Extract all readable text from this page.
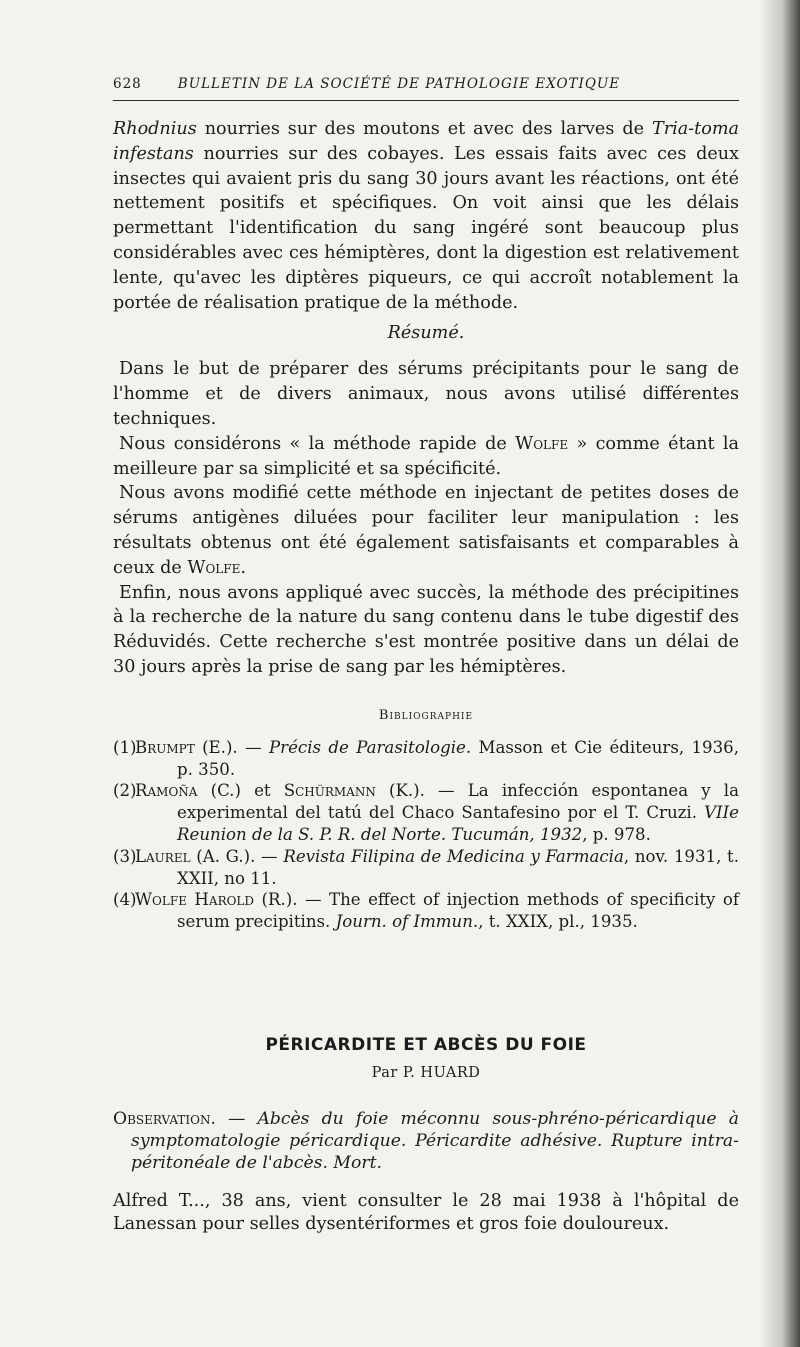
628	BULLETIN DE LA SOCIÉTÉ DE PATHOLOGIE EXOTIQUE

Rhodnius nourries sur des moutons et avec des larves de Tria-toma infestans nourries sur des cobayes. Les essais faits avec ces deux insectes qui avaient pris du sang 30 jours avant les réactions, ont été nettement positifs et spécifiques. On voit ainsi que les délais permettant l'identification du sang ingéré sont beaucoup plus considérables avec ces hémiptères, dont la digestion est relativement lente, qu'avec les diptères piqueurs, ce qui accroît notablement la portée de réalisation pratique de la méthode.

Résumé.

Dans le but de préparer des sérums précipitants pour le sang de l'homme et de divers animaux, nous avons utilisé différentes techniques.

Nous considérons « la méthode rapide de Wolfe » comme étant la meilleure par sa simplicité et sa spécificité.

Nous avons modifié cette méthode en injectant de petites doses de sérums antigènes diluées pour faciliter leur manipulation : les résultats obtenus ont été également satisfaisants et comparables à ceux de Wolfe.

Enfin, nous avons appliqué avec succès, la méthode des précipitines à la recherche de la nature du sang contenu dans le tube digestif des Réduvidés. Cette recherche s'est montrée positive dans un délai de 30 jours après la prise de sang par les hémiptères.

Bibliographie
(1)Brumpt (E.). — Précis de Parasitologie. Masson et Cie éditeurs, 1936, p. 350.
(2)Ramoña (C.) et Schürmann (K.). — La infección espontanea y la experimental del tatú del Chaco Santafesino por el T. Cruzi. VIIe Reunion de la S. P. R. del Norte. Tucumán, 1932, p. 978.
(3)Laurel (A. G.). — Revista Filipina de Medicina y Farmacia, nov. 1931, t. XXII, no 11.
(4)Wolfe Harold (R.). — The effect of injection methods of specificity of serum precipitins. Journ. of Immun., t. XXIX, pl., 1935.
PÉRICARDITE ET ABCÈS DU FOIE
Par P. HUARD
Observation. — Abcès du foie méconnu sous-phréno-péricardique à symptomatologie péricardique. Péricardite adhésive. Rupture intra-péritonéale de l'abcès. Mort.

Alfred T..., 38 ans, vient consulter le 28 mai 1938 à l'hôpital de Lanessan pour selles dysentériformes et gros foie douloureux.
